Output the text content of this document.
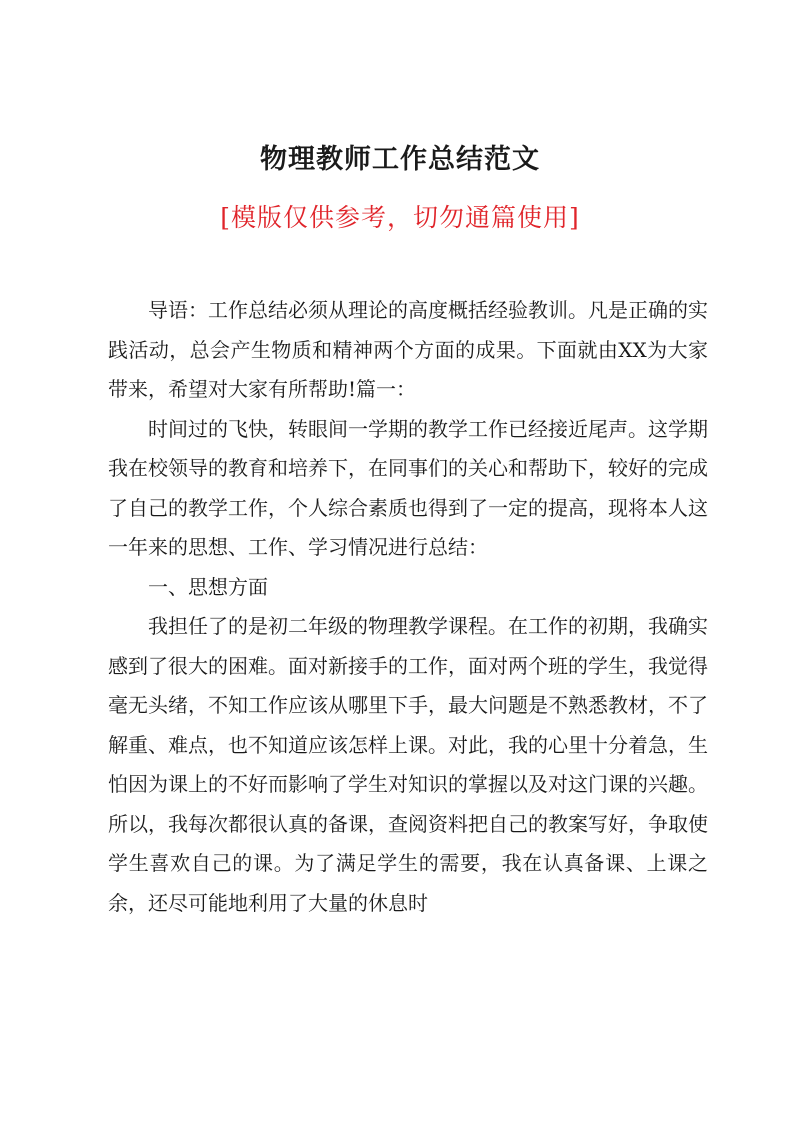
物理教师工作总结范文
[模版仅供参考，切勿通篇使用]

导语：工作总结必须从理论的高度概括经验教训。凡是正确的实践活动，总会产生物质和精神两个方面的成果。下面就由XX为大家带来，希望对大家有所帮助!篇一：

时间过的飞快，转眼间一学期的教学工作已经接近尾声。这学期我在校领导的教育和培养下，在同事们的关心和帮助下，较好的完成了自己的教学工作，个人综合素质也得到了一定的提高，现将本人这一年来的思想、工作、学习情况进行总结：

一、思想方面

我担任了的是初二年级的物理教学课程。在工作的初期，我确实感到了很大的困难。面对新接手的工作，面对两个班的学生，我觉得毫无头绪，不知工作应该从哪里下手，最大问题是不熟悉教材，不了解重、难点，也不知道应该怎样上课。对此，我的心里十分着急，生怕因为课上的不好而影响了学生对知识的掌握以及对这门课的兴趣。所以，我每次都很认真的备课，查阅资料把自己的教案写好，争取使学生喜欢自己的课。为了满足学生的需要，我在认真备课、上课之余，还尽可能地利用了大量的休息时
